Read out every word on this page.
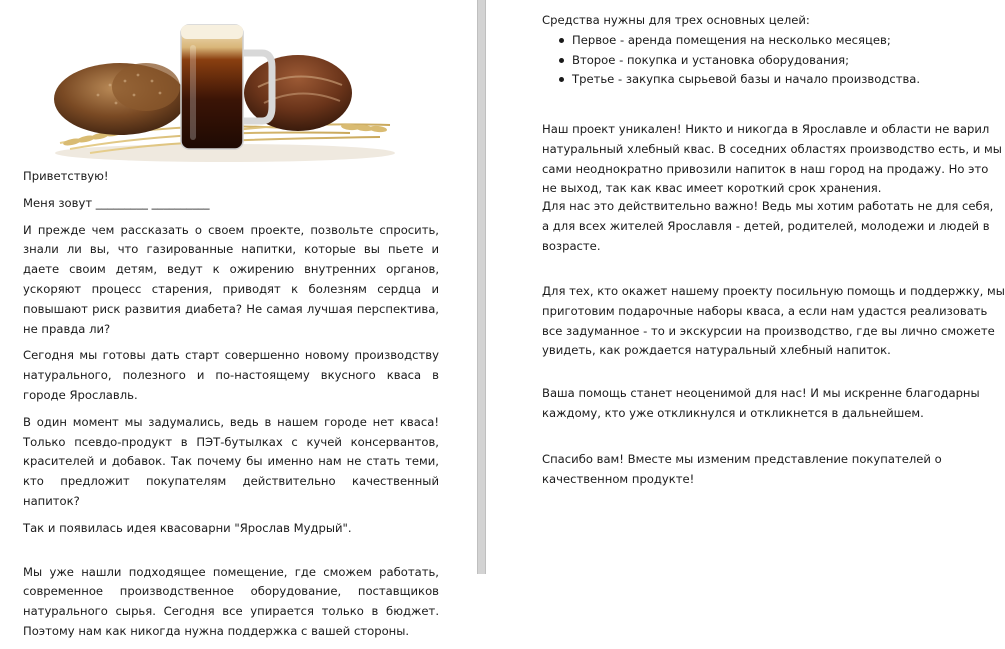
Приветствую!

Меня зовут _________ __________

И прежде чем рассказать о своем проекте, позвольте спросить, знали ли вы, что газированные напитки, которые вы пьете и даете своим детям, ведут к ожирению внутренних органов, ускоряют процесс старения, приводят к болезням сердца и повышают риск развития диабета? Не самая лучшая перспектива, не правда ли?

Сегодня мы готовы дать старт совершенно новому производству натурального, полезного и по-настоящему вкусного кваса в городе Ярославль.

В один момент мы задумались, ведь в нашем городе нет кваса! Только псевдо-продукт в ПЭТ-бутылках с кучей консервантов, красителей и добавок. Так почему бы именно нам не стать теми, кто предложит покупателям действительно качественный напиток?

Так и появилась идея квасоварни "Ярослав Мудрый".

Мы уже нашли подходящее помещение, где сможем работать, современное производственное оборудование, поставщиков натурального сырья. Сегодня все упирается только в бюджет. Поэтому нам как никогда нужна поддержка с вашей стороны.

Средства нужны для трех основных целей:

Первое - аренда помещения на несколько месяцев;
Второе - покупка и установка оборудования;
Третье - закупка сырьевой базы и начало производства.

Наш проект уникален! Никто и никогда в Ярославле и области не варил

натуральный хлебный квас. В соседних областях производство есть, и мы

сами неоднократно привозили напиток в наш город на продажу. Но это

не выход, так как квас имеет короткий срок хранения.

Для нас это действительно важно! Ведь мы хотим работать не для себя,

а для всех жителей Ярославля - детей, родителей, молодежи и людей в

возрасте.

Для тех, кто окажет нашему проекту посильную помощь и поддержку, мы

приготовим подарочные наборы кваса, а если нам удастся реализовать

все задуманное - то и экскурсии на производство, где вы лично сможете

увидеть, как рождается натуральный хлебный напиток.

Ваша помощь станет неоценимой для нас! И мы искренне благодарны

каждому, кто уже откликнулся и откликнется в дальнейшем.

Спасибо вам! Вместе мы изменим представление покупателей о

качественном продукте!
